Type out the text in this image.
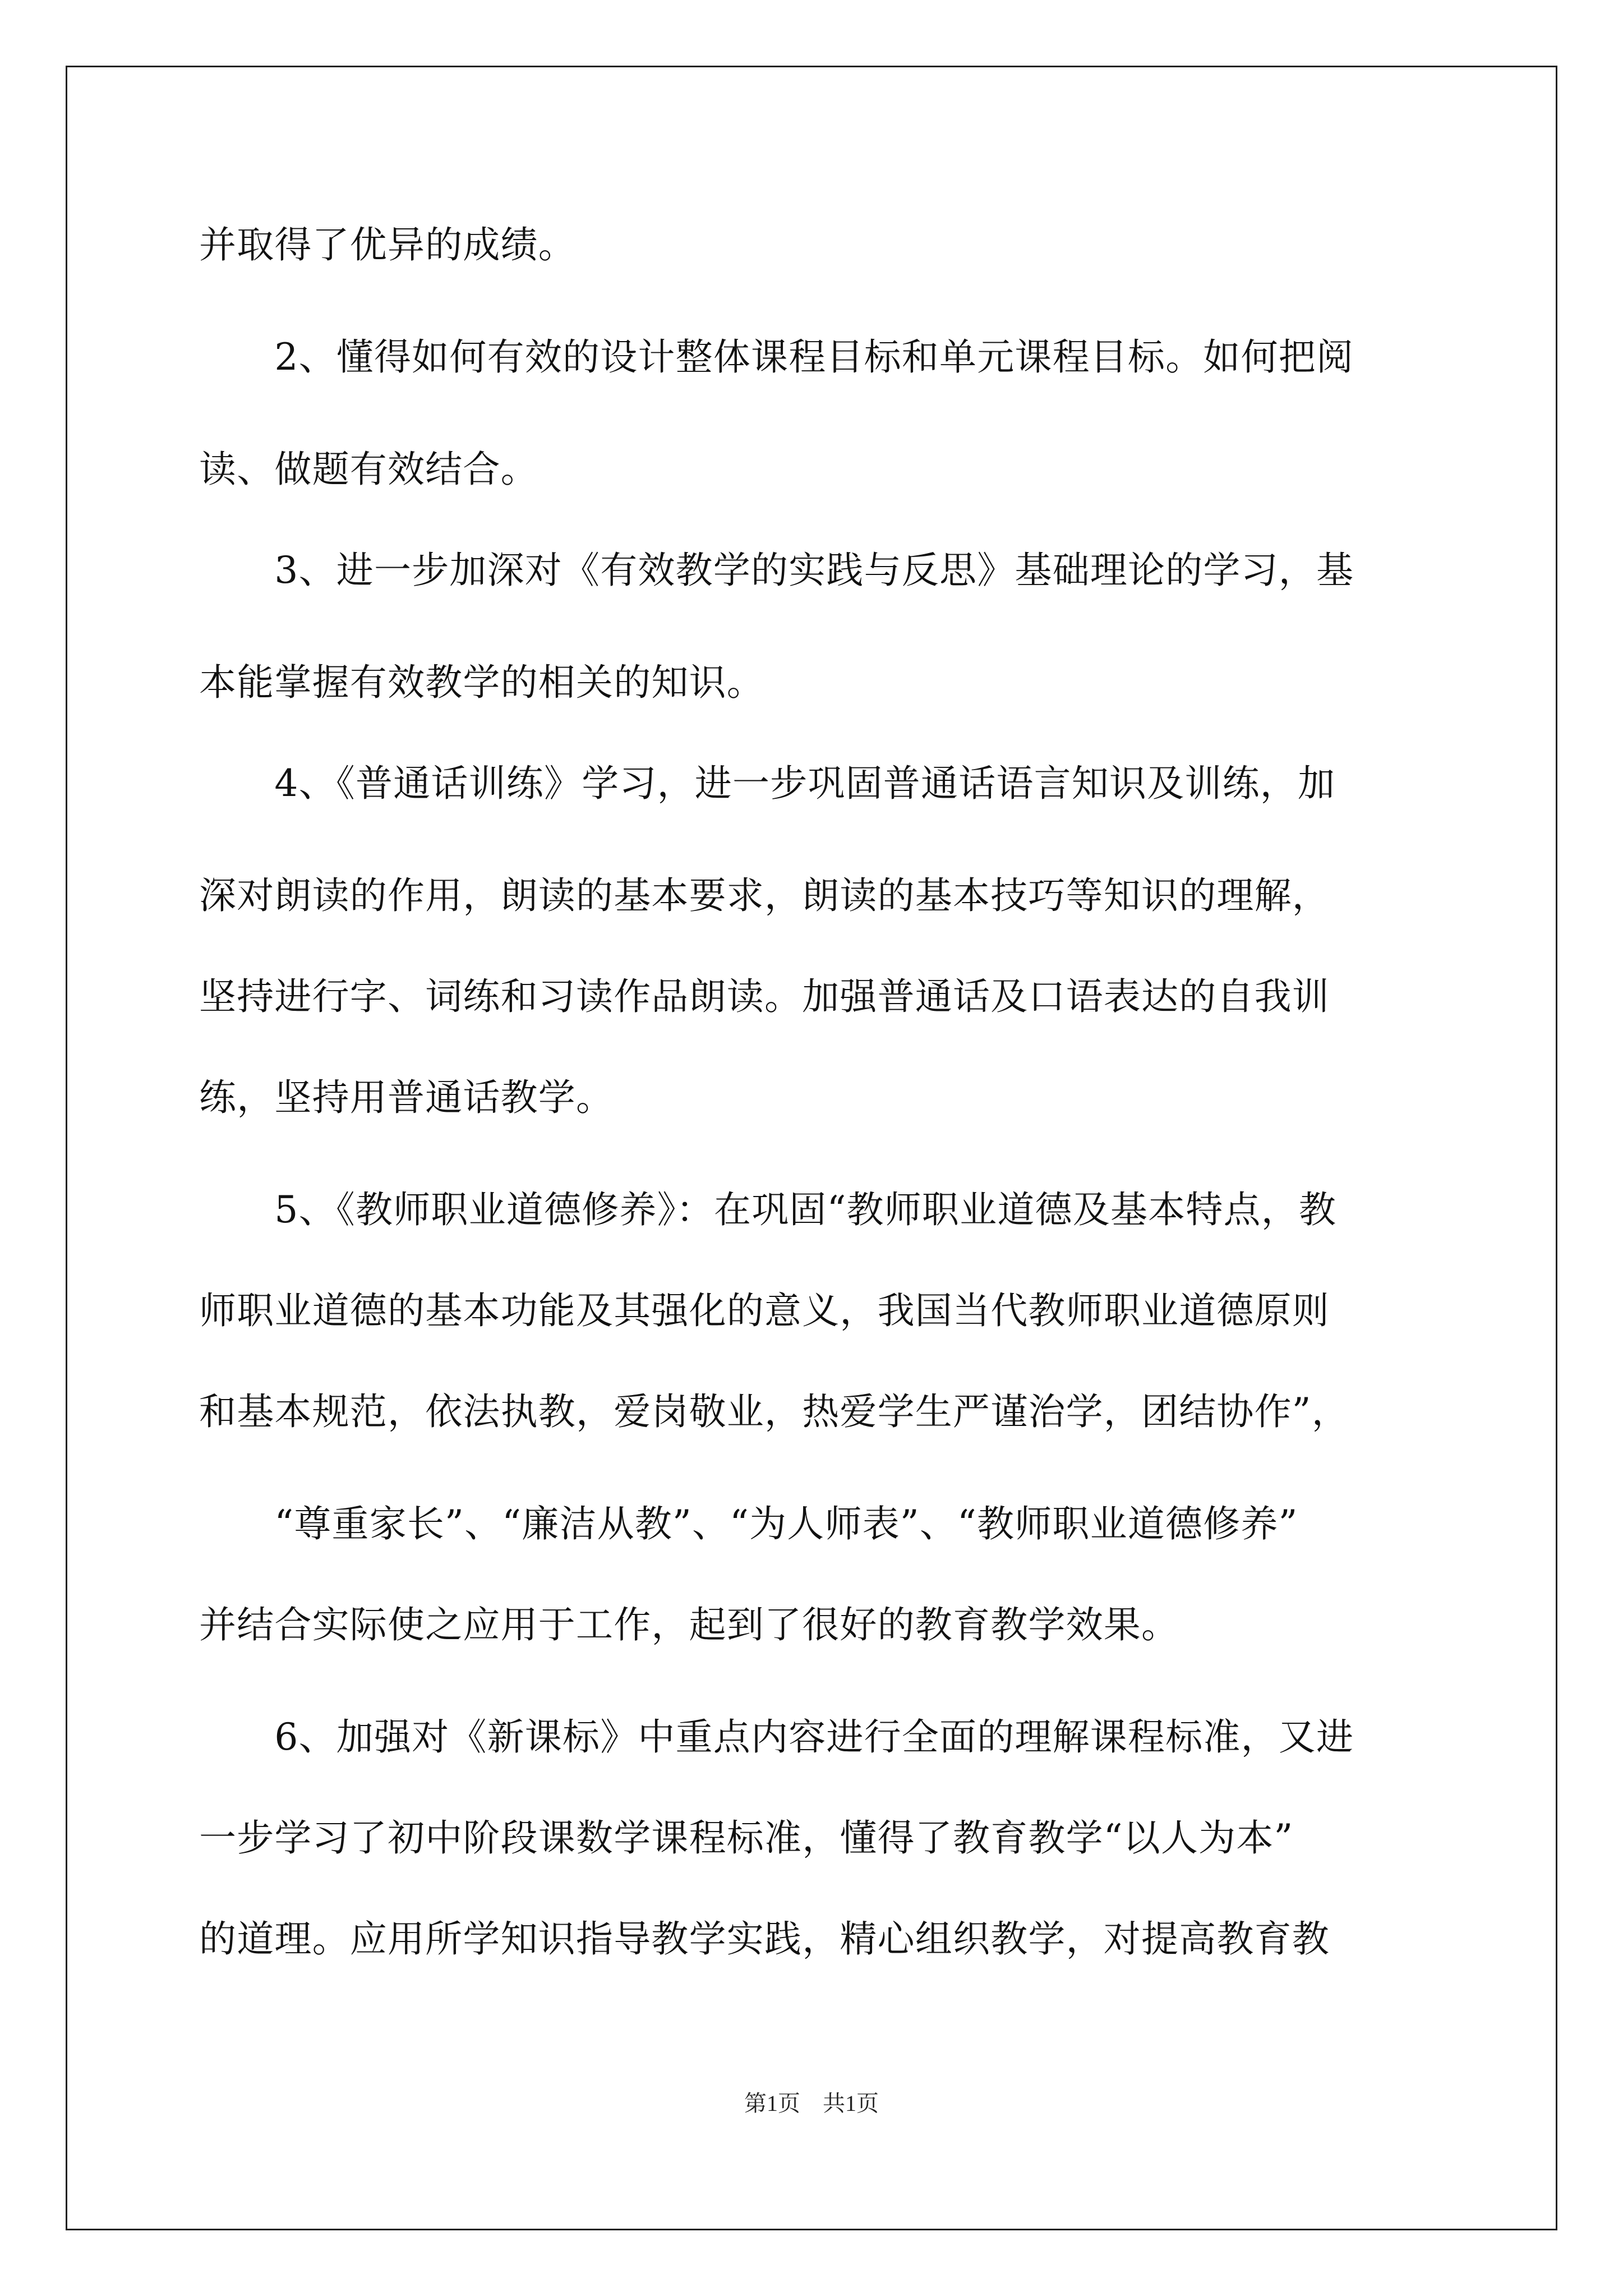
并取得了优异的成绩。
　　2、懂得如何有效的设计整体课程目标和单元课程目标。如何把阅
读、做题有效结合。
　　3、进一步加深对《有效教学的实践与反思》基础理论的学习，基
本能掌握有效教学的相关的知识。
　　4、《普通话训练》学习，进一步巩固普通话语言知识及训练，加
深对朗读的作用，朗读的基本要求，朗读的基本技巧等知识的理解，
坚持进行字、词练和习读作品朗读。加强普通话及口语表达的自我训
练，坚持用普通话教学。
　　5、《教师职业道德修养》：在巩固“教师职业道德及基本特点，教
师职业道德的基本功能及其强化的意义，我国当代教师职业道德原则
和基本规范，依法执教，爱岗敬业，热爱学生严谨治学，团结协作”，
　　“尊重家长”、“廉洁从教”、“为人师表”、“教师职业道德修养”
并结合实际使之应用于工作，起到了很好的教育教学效果。
　　6、加强对《新课标》中重点内容进行全面的理解课程标准，又进
一步学习了初中阶段课数学课程标准，懂得了教育教学“以人为本”
的道理。应用所学知识指导教学实践，精心组织教学，对提高教育教
第1页　共1页
